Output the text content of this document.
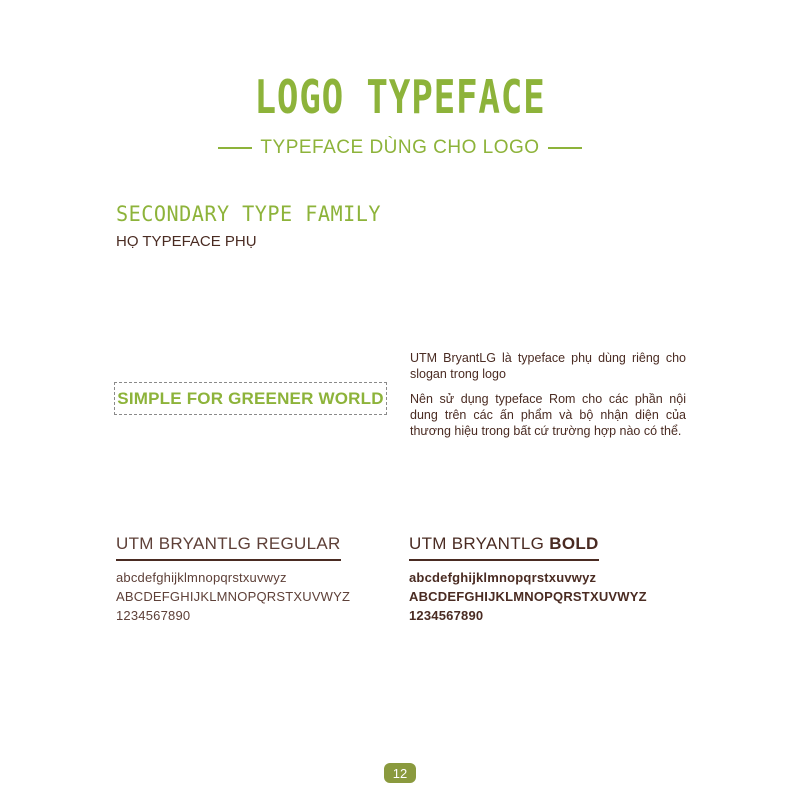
LOGO TYPEFACE
TYPEFACE DÙNG CHO LOGO
SECONDARY TYPE FAMILY
HỌ TYPEFACE PHỤ
SIMPLE FOR GREENER WORLD
UTM BryantLG là typeface phụ dùng riêng cho slogan trong logo
Nên sử dụng typeface Rom cho các phần nội dung trên các ấn phẩm và bộ nhận diện của thương hiệu trong bất cứ trường hợp nào có thể.
UTM BRYANTLG REGULAR
abcdefghijklmnopqrstxuvwyz
ABCDEFGHIJKLMNOPQRSTXUVWYZ
1234567890
UTM BRYANTLG BOLD
abcdefghijklmnopqrstxuvwyz
ABCDEFGHIJKLMNOPQRSTXUVWYZ
1234567890
12
